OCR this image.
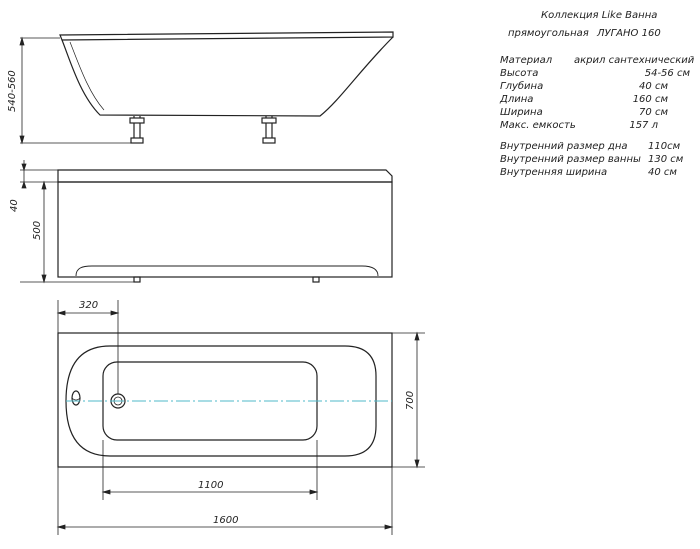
540-560
40
500
320
1100
1600
700
Коллекция Like Ванна
прямоугольная ЛУГАНО 160
Материал акрил сантехнический
Высота	54-56 см
Глубина	40 см
Длина	160 см
Ширина	70 см
Макс. емкость	157 л
Внутренний размер дна 110см
Внутренний размер ванны 130 см
Внутренняя ширина	40 см
